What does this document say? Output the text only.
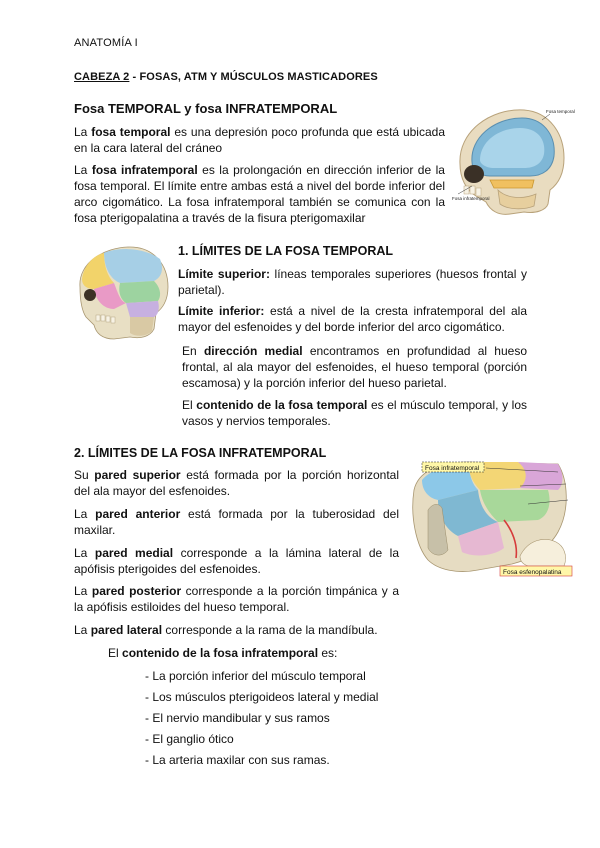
ANATOMÍA I
CABEZA 2 - FOSAS, ATM Y MÚSCULOS MASTICADORES
Fosa TEMPORAL y fosa INFRATEMPORAL
La fosa temporal es una depresión poco profunda que está ubicada en la cara lateral del cráneo
La fosa infratemporal es la prolongación en dirección inferior de la fosa temporal. El límite entre ambas está a nivel del borde inferior del arco cigomático. La fosa infratemporal también se comunica con la fosa pterigopalatina a través de la fisura pterigomaxilar
Fosa temporal
Fosa infratemporal
1. LÍMITES DE LA FOSA TEMPORAL
Límite superior: líneas temporales superiores (huesos frontal y parietal).
Límite inferior: está a nivel de la cresta infratemporal del ala mayor del esfenoides y del borde inferior del arco cigomático.
En dirección medial encontramos en profundidad al hueso frontal, al ala mayor del esfenoides, el hueso temporal (porción escamosa) y la porción inferior del hueso parietal.
El contenido de la fosa temporal es el músculo temporal, y los vasos y nervios temporales.
2. LÍMITES DE LA FOSA INFRATEMPORAL
Su pared superior está formada por la porción horizontal del ala mayor del esfenoides.
La pared anterior está formada por la tuberosidad del maxilar.
La pared medial corresponde a la lámina lateral de la apófisis pterigoides del esfenoides.
La pared posterior corresponde a la porción timpánica y a la apófisis estiloides del hueso temporal.
La pared lateral corresponde a la rama de la mandíbula.
El contenido de la fosa infratemporal es:
- La porción inferior del músculo temporal
- Los músculos pterigoideos lateral y medial
- El nervio mandibular y sus ramos
- El ganglio ótico
- La arteria maxilar con sus ramas.
Fosa infratemporal
Fosa esfenopalatina
